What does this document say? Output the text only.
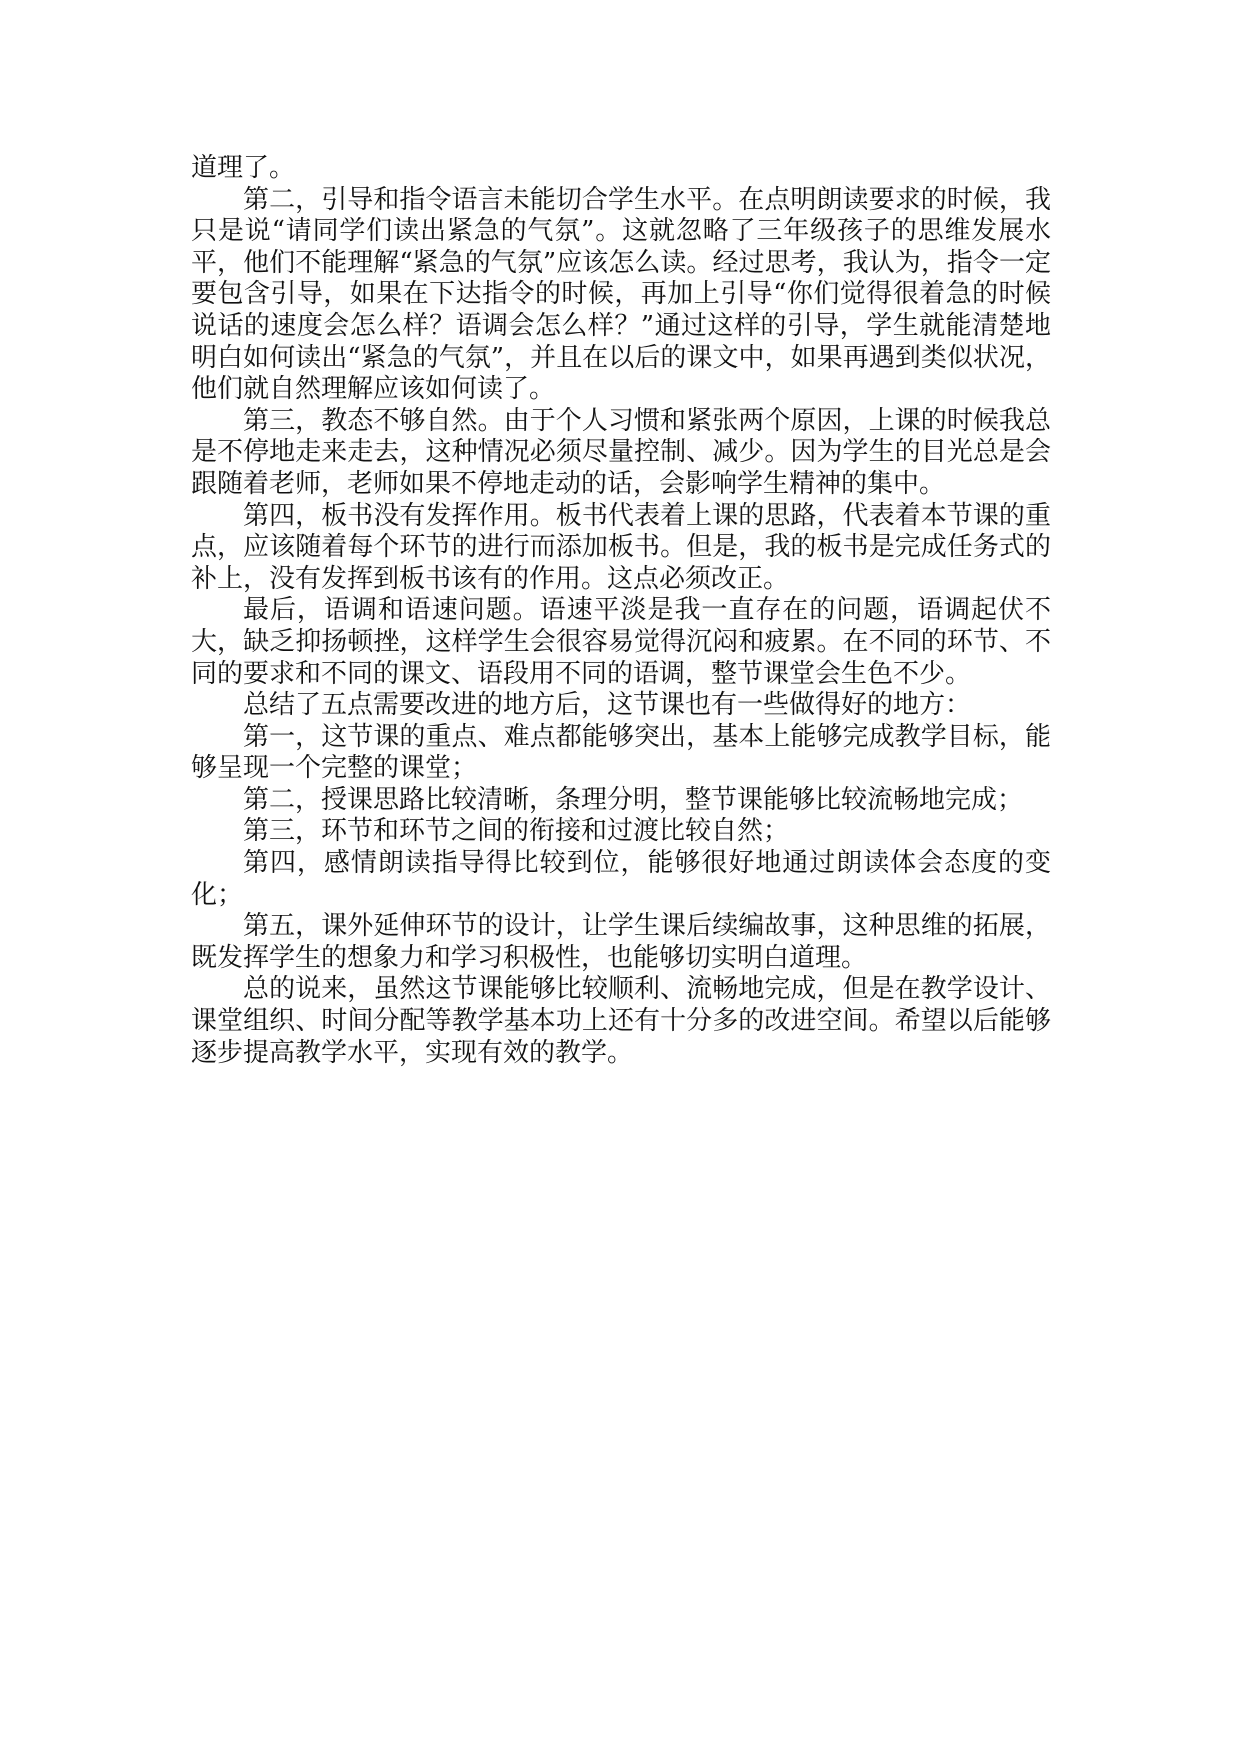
道理了。

第二，引导和指令语言未能切合学生水平。在点明朗读要求的时候，我只是说“请同学们读出紧急的气氛”。这就忽略了三年级孩子的思维发展水平，他们不能理解“紧急的气氛”应该怎么读。经过思考，我认为，指令一定要包含引导，如果在下达指令的时候，再加上引导“你们觉得很着急的时候说话的速度会怎么样？语调会怎么样？”通过这样的引导，学生就能清楚地明白如何读出“紧急的气氛”，并且在以后的课文中，如果再遇到类似状况，他们就自然理解应该如何读了。

第三，教态不够自然。由于个人习惯和紧张两个原因，上课的时候我总是不停地走来走去，这种情况必须尽量控制、减少。因为学生的目光总是会跟随着老师，老师如果不停地走动的话，会影响学生精神的集中。

第四，板书没有发挥作用。板书代表着上课的思路，代表着本节课的重点，应该随着每个环节的进行而添加板书。但是，我的板书是完成任务式的补上，没有发挥到板书该有的作用。这点必须改正。

最后，语调和语速问题。语速平淡是我一直存在的问题，语调起伏不大，缺乏抑扬顿挫，这样学生会很容易觉得沉闷和疲累。在不同的环节、不同的要求和不同的课文、语段用不同的语调，整节课堂会生色不少。

总结了五点需要改进的地方后，这节课也有一些做得好的地方：

第一，这节课的重点、难点都能够突出，基本上能够完成教学目标，能够呈现一个完整的课堂；

第二，授课思路比较清晰，条理分明，整节课能够比较流畅地完成；

第三，环节和环节之间的衔接和过渡比较自然；

第四，感情朗读指导得比较到位，能够很好地通过朗读体会态度的变化；

第五，课外延伸环节的设计，让学生课后续编故事，这种思维的拓展，既发挥学生的想象力和学习积极性，也能够切实明白道理。

总的说来，虽然这节课能够比较顺利、流畅地完成，但是在教学设计、课堂组织、时间分配等教学基本功上还有十分多的改进空间。希望以后能够逐步提高教学水平，实现有效的教学。
